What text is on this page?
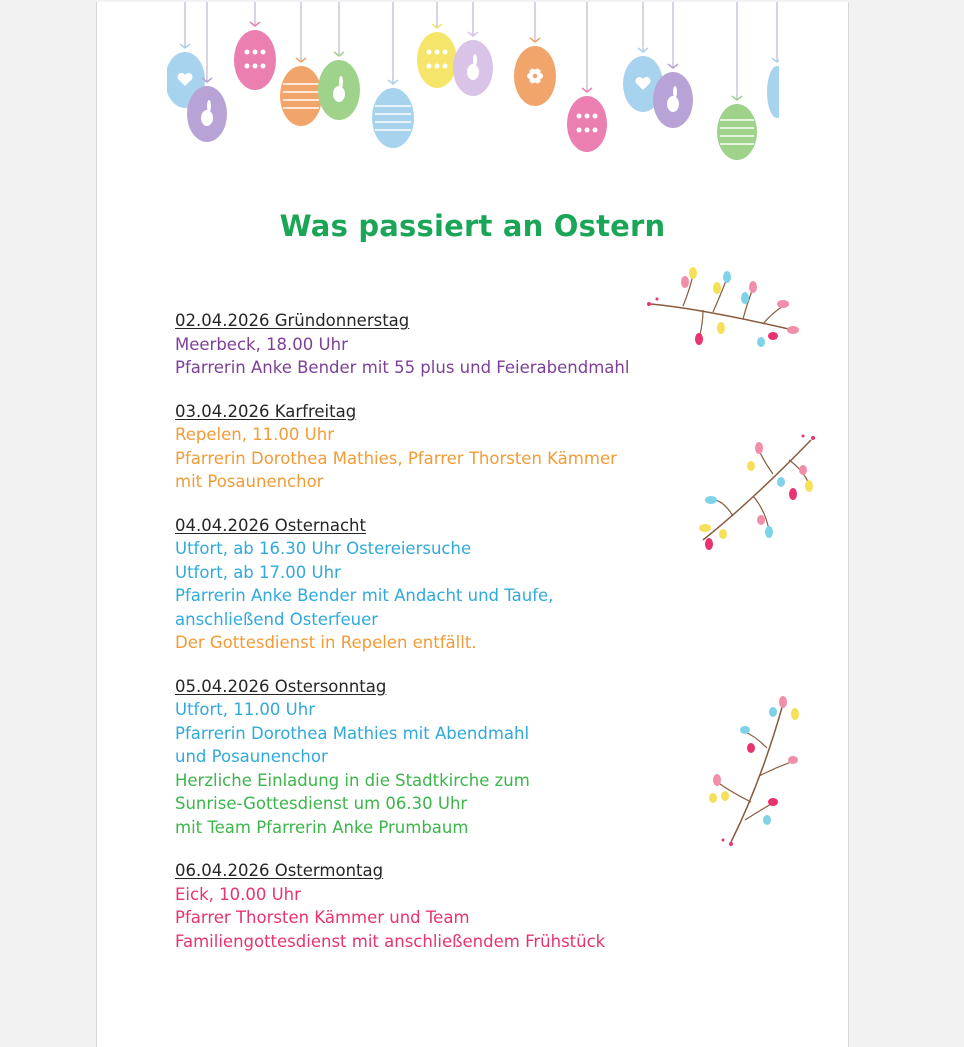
Was passiert an Ostern
02.04.2026 Gründonnerstag
Meerbeck, 18.00 Uhr
Pfarrerin Anke Bender mit 55 plus und Feierabendmahl
03.04.2026 Karfreitag
Repelen, 11.00 Uhr
Pfarrerin Dorothea Mathies, Pfarrer Thorsten Kämmer
mit Posaunenchor
04.04.2026 Osternacht
Utfort, ab 16.30 Uhr Ostereiersuche
Utfort, ab 17.00 Uhr
Pfarrerin Anke Bender mit Andacht und Taufe,
anschließend Osterfeuer
Der Gottesdienst in Repelen entfällt.
05.04.2026 Ostersonntag
Utfort, 11.00 Uhr
Pfarrerin Dorothea Mathies mit Abendmahl
und Posaunenchor
Herzliche Einladung in die Stadtkirche zum
Sunrise-Gottesdienst um 06.30 Uhr
mit Team Pfarrerin Anke Prumbaum
06.04.2026 Ostermontag
Eick, 10.00 Uhr
Pfarrer Thorsten Kämmer und Team
Familiengottesdienst mit anschließendem Frühstück
